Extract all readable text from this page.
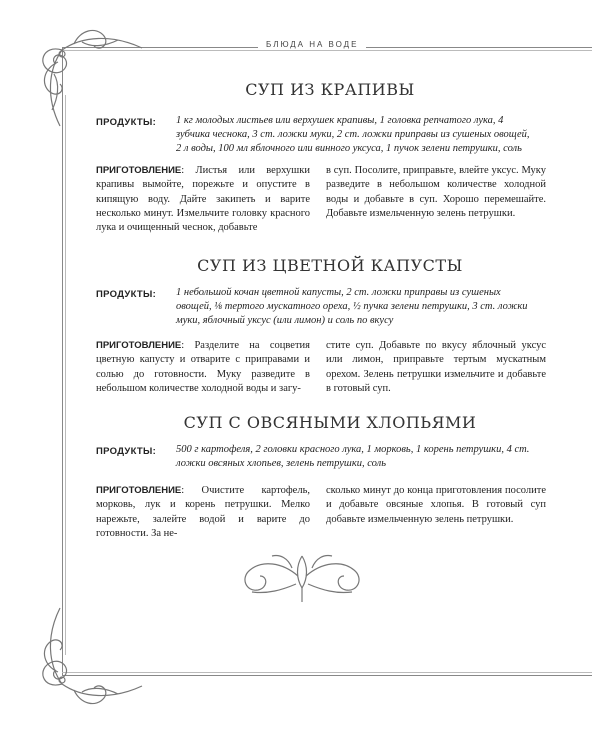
БЛЮДА НА ВОДЕ
СУП ИЗ КРАПИВЫ
ПРОДУКТЫ: 1 кг молодых листьев или верхушек крапивы, 1 головка репчатого лука, 4 зубчика чеснока, 3 ст. ложки муки, 2 ст. ложки приправы из сушеных овощей, 2 л воды, 100 мл яблочного или винного уксуса, 1 пучок зелени петрушки, соль
ПРИГОТОВЛЕНИЕ: Листья или верхушки крапивы вымойте, порежьте и опустите в кипящую воду. Дайте закипеть и варите несколько минут. Измельчите головку красного лука и очищенный чеснок, добавьте
в суп. Посолите, приправьте, влейте уксус. Муку разведите в небольшом количестве холодной воды и добавьте в суп. Хорошо перемешайте. Добавьте измельченную зелень петрушки.
СУП ИЗ ЦВЕТНОЙ КАПУСТЫ
ПРОДУКТЫ: 1 небольшой кочан цветной капусты, 2 ст. ложки приправы из сушеных овощей, ⅛ тертого мускатного ореха, ½ пучка зелени петрушки, 3 ст. ложки муки, яблочный уксус (или лимон) и соль по вкусу
ПРИГОТОВЛЕНИЕ: Разделите на соцветия цветную капусту и отварите с приправами и солью до готовности. Муку разведите в небольшом количестве холодной воды и загу-
стите суп. Добавьте по вкусу яблочный уксус или лимон, приправьте тертым мускатным орехом. Зелень петрушки измельчите и добавьте в готовый суп.
СУП С ОВСЯНЫМИ ХЛОПЬЯМИ
ПРОДУКТЫ: 500 г картофеля, 2 головки красного лука, 1 морковь, 1 корень петрушки, 4 ст. ложки овсяных хлопьев, зелень петрушки, соль
ПРИГОТОВЛЕНИЕ: Очистите картофель, морковь, лук и корень петрушки. Мелко нарежьте, залейте водой и варите до готовности. За не-
сколько минут до конца приготовления посолите и добавьте овсяные хлопья. В готовый суп добавьте измельченную зелень петрушки.
